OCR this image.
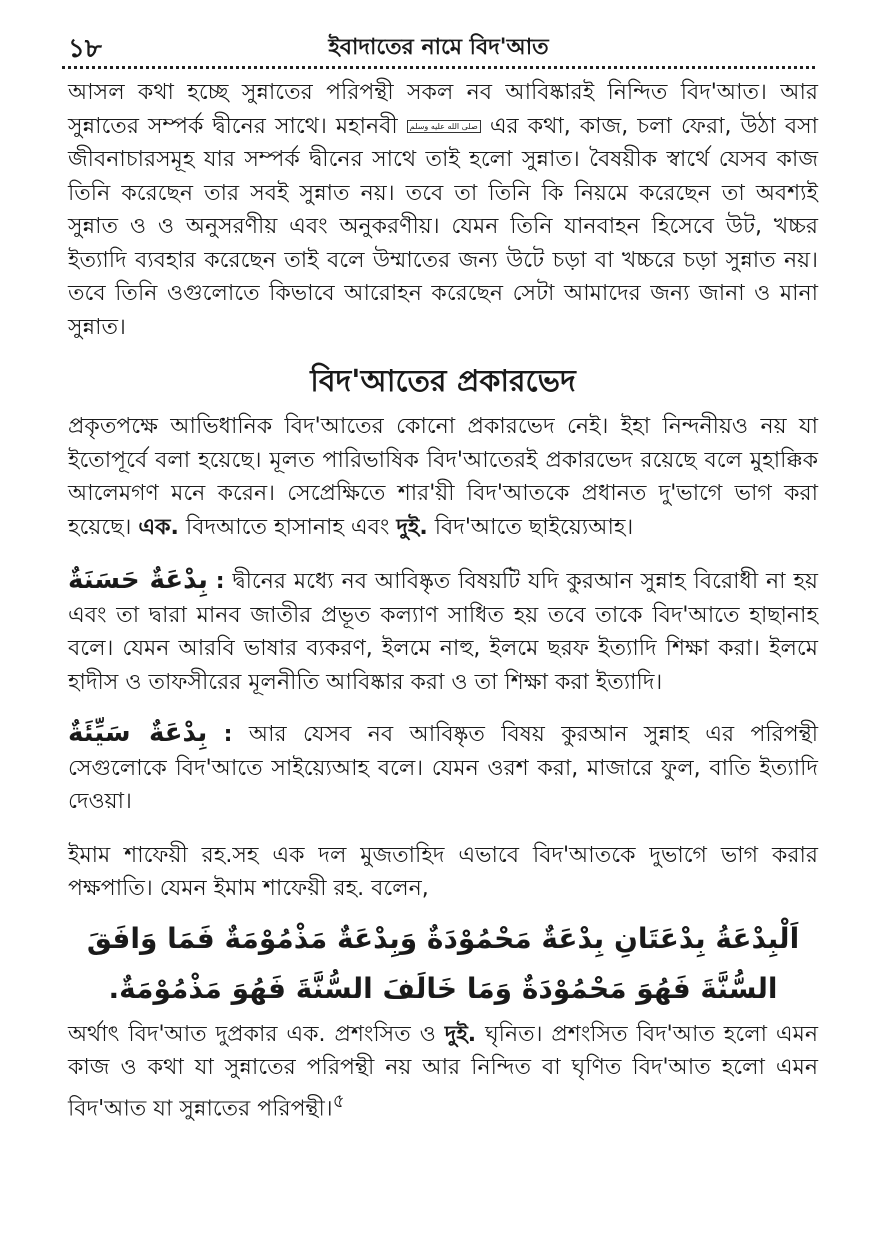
১৮	ইবাদাতের নামে বিদ'আত

আসল কথা হচ্ছে সুন্নাতের পরিপন্থী সকল নব আবিষ্কারই নিন্দিত বিদ'আত। আর সুন্নাতের সম্পর্ক দ্বীনের সাথে। মহানবী صلى الله عليه وسلم এর কথা, কাজ, চলা ফেরা, উঠা বসা জীবনাচারসমূহ যার সম্পর্ক দ্বীনের সাথে তাই হলো সুন্নাত। বৈষয়ীক স্বার্থে যেসব কাজ তিনি করেছেন তার সবই সুন্নাত নয়। তবে তা তিনি কি নিয়মে করেছেন তা অবশ্যই সুন্নাত ও ও অনুসরণীয় এবং অনুকরণীয়। যেমন তিনি যানবাহন হিসেবে উট, খচ্চর ইত্যাদি ব্যবহার করেছেন তাই বলে উম্মাতের জন্য উটে চড়া বা খচ্চরে চড়া সুন্নাত নয়। তবে তিনি ওগুলোতে কিভাবে আরোহন করেছেন সেটা আমাদের জন্য জানা ও মানা সুন্নাত।

বিদ'আতের প্রকারভেদ

প্রকৃতপক্ষে আভিধানিক বিদ'আতের কোনো প্রকারভেদ নেই। ইহা নিন্দনীয়ও নয় যা ইতোপূর্বে বলা হয়েছে। মূলত পারিভাষিক বিদ'আতেরই প্রকারভেদ রয়েছে বলে মুহাক্কিক আলেমগণ মনে করেন। সেপ্রেক্ষিতে শার'য়ী বিদ'আতকে প্রধানত দু'ভাগে ভাগ করা হয়েছে। এক. বিদআতে হাসানাহ এবং দুই. বিদ'আতে ছাইয়্যেআহ।

بِدْعَةٌ حَسَنَةٌ : দ্বীনের মধ্যে নব আবিষ্কৃত বিষয়টি যদি কুরআন সুন্নাহ বিরোধী না হয় এবং তা দ্বারা মানব জাতীর প্রভূত কল্যাণ সাধিত হয় তবে তাকে বিদ'আতে হাছানাহ বলে। যেমন আরবি ভাষার ব্যকরণ, ইলমে নাহু, ইলমে ছরফ ইত্যাদি শিক্ষা করা। ইলমে হাদীস ও তাফসীরের মূলনীতি আবিষ্কার করা ও তা শিক্ষা করা ইত্যাদি।

بِدْعَةٌ سَيِّئَةٌ : আর যেসব নব আবিষ্কৃত বিষয় কুরআন সুন্নাহ এর পরিপন্থী সেগুলোকে বিদ'আতে সাইয়্যেআহ বলে। যেমন ওরশ করা, মাজারে ফুল, বাতি ইত্যাদি দেওয়া।

ইমাম শাফেয়ী রহ.সহ এক দল মুজতাহিদ এভাবে বিদ'আতকে দুভাগে ভাগ করার পক্ষপাতি। যেমন ইমাম শাফেয়ী রহ. বলেন,

اَلْبِدْعَةُ بِدْعَتَانِ بِدْعَةٌ مَحْمُوْدَةٌ وَبِدْعَةٌ مَذْمُوْمَةٌ فَمَا وَافَقَ
السُّنَّةَ فَهُوَ مَحْمُوْدَةٌ وَمَا خَالَفَ السُّنَّةَ فَهُوَ مَذْمُوْمَةٌ.

অর্থাৎ বিদ'আত দুপ্রকার এক. প্রশংসিত ও দুই. ঘৃনিত। প্রশংসিত বিদ'আত হলো এমন কাজ ও কথা যা সুন্নাতের পরিপন্থী নয় আর নিন্দিত বা ঘৃণিত বিদ'আত হলো এমন বিদ'আত যা সুন্নাতের পরিপন্থী।$^৫$
